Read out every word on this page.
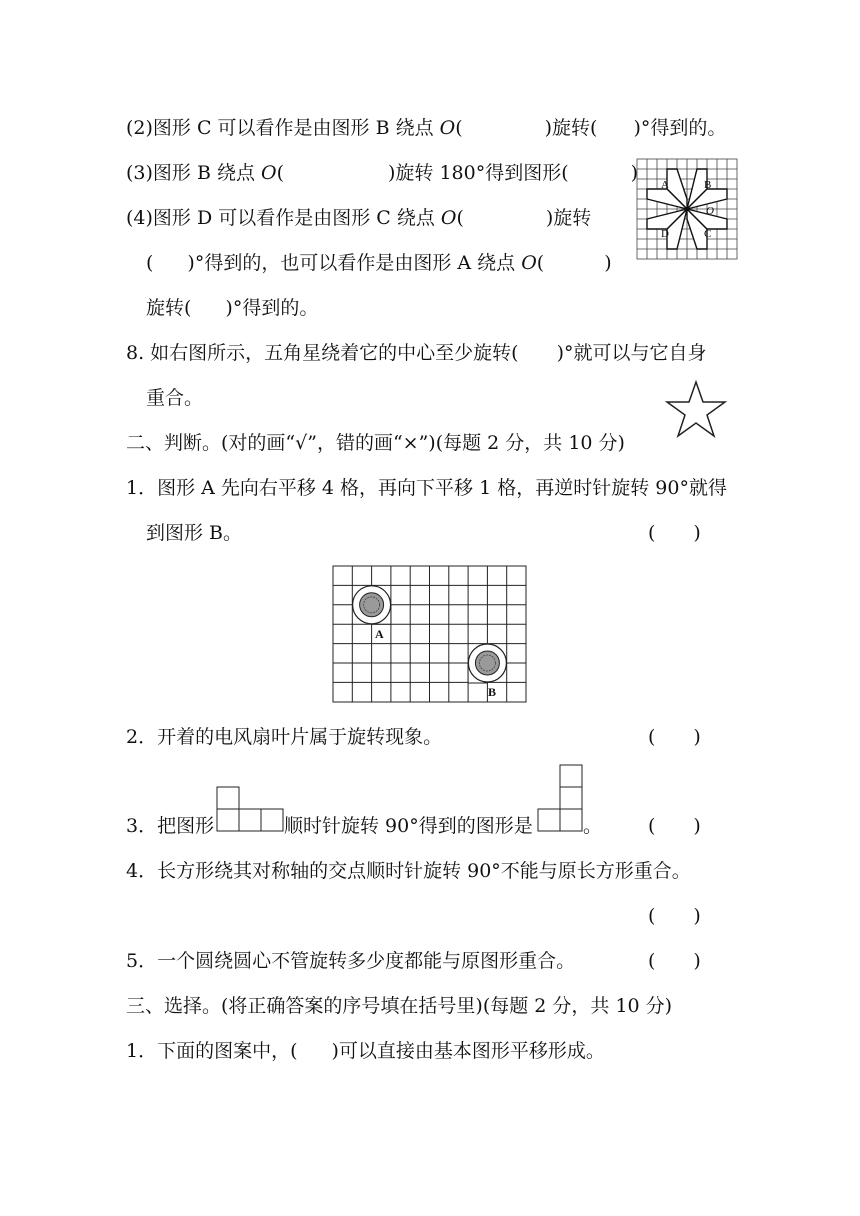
(2)图形 C 可以看作是由图形 B 绕点 O(	)旋转( )°得到的。
(3)图形 B 绕点 O(	)旋转 180°得到图形(	)
(4)图形 D 可以看作是由图形 C 绕点 O(	)旋转
( )°得到的，也可以看作是由图形 A 绕点 O(	)
旋转( )°得到的。
A	B
D	C
O
8. 如右图所示，五角星绕着它的中心至少旋转( )°就可以与它自身
重合。
二、判断。(对的画“√”，错的画“×”)(每题 2 分，共 10 分)
1．图形 A 先向右平移 4 格，再向下平移 1 格，再逆时针旋转 90°就得
到图形 B。	(　　)
A
B
2．开着的电风扇叶片属于旋转现象。	(　　)
3．把图形	顺时针旋转 90°得到的图形是	。 (　　)
4．长方形绕其对称轴的交点顺时针旋转 90°不能与原长方形重合。
(　　)
5．一个圆绕圆心不管旋转多少度都能与原图形重合。	(　　)
三、选择。(将正确答案的序号填在括号里)(每题 2 分，共 10 分)
1．下面的图案中，( )可以直接由基本图形平移形成。
